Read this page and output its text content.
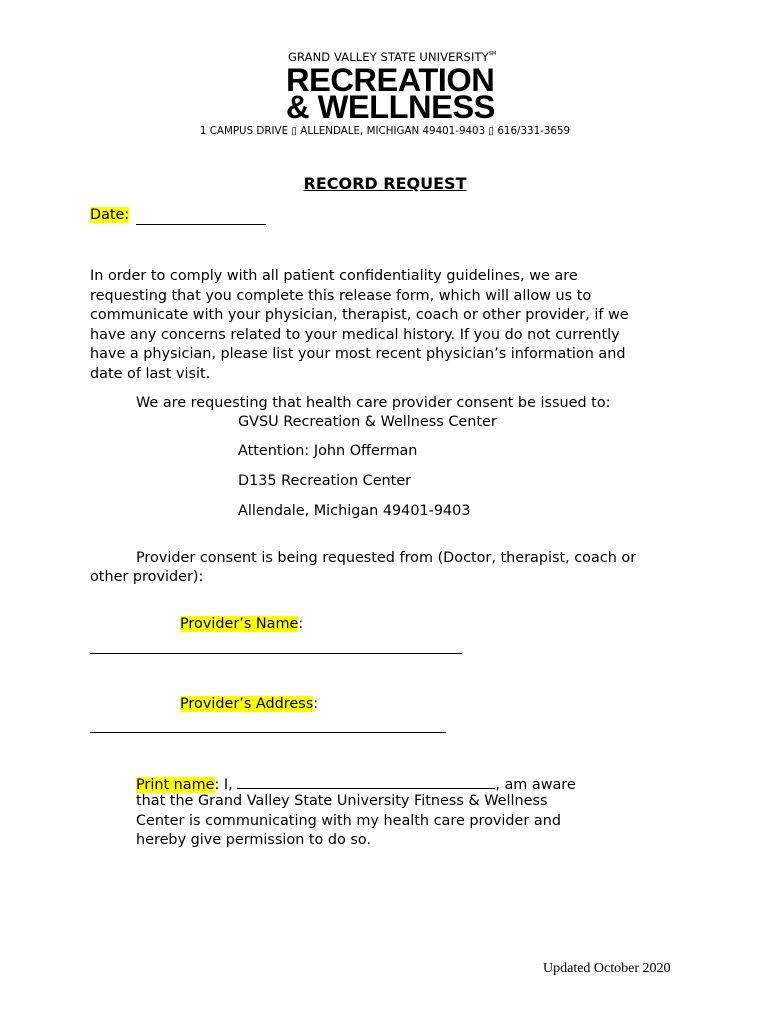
GRAND VALLEY STATE UNIVERSITY℠
RECREATION
& WELLNESS
1 CAMPUS DRIVE ▯ ALLENDALE, MICHIGAN 49401-9403 ▯ 616/331-3659
RECORD REQUEST
Date:
In order to comply with all patient confidentiality guidelines, we are
requesting that you complete this release form, which will allow us to
communicate with your physician, therapist, coach or other provider, if we
have any concerns related to your medical history. If you do not currently
have a physician, please list your most recent physician’s information and
date of last visit.
We are requesting that health care provider consent be issued to:
GVSU Recreation & Wellness Center
Attention: John Offerman
D135 Recreation Center
Allendale, Michigan 49401-9403
Provider consent is being requested from (Doctor, therapist, coach or
other provider):
Provider’s Name:
Provider’s Address:
Print name: I,	, am aware
that the Grand Valley State University Fitness & Wellness
Center is communicating with my health care provider and
hereby give permission to do so.
Updated October 2020
